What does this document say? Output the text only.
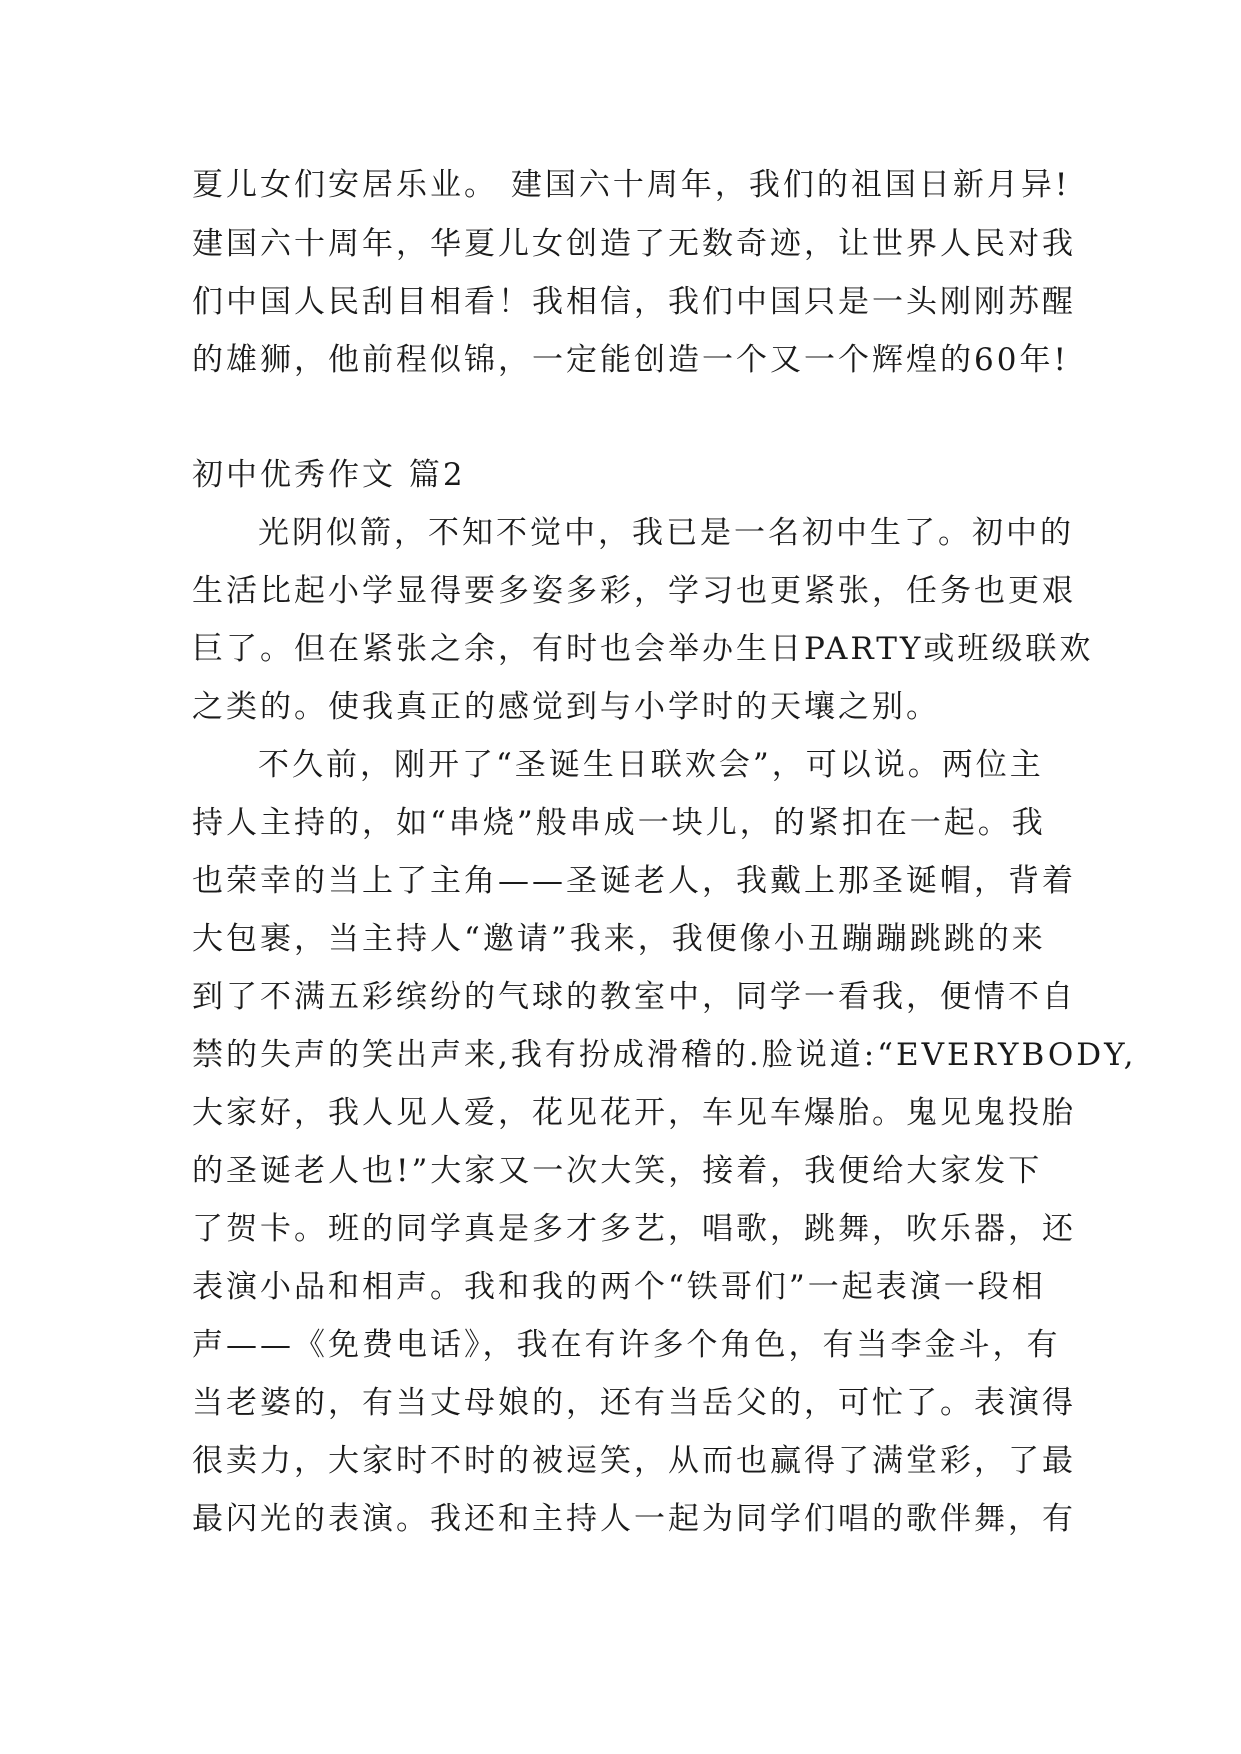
夏儿女们安居乐业。 建国六十周年，我们的祖国日新月异!
建国六十周年，华夏儿女创造了无数奇迹，让世界人民对我
们中国人民刮目相看！我相信，我们中国只是一头刚刚苏醒
的雄狮，他前程似锦，一定能创造一个又一个辉煌的60年!
初中优秀作文 篇2
光阴似箭，不知不觉中，我已是一名初中生了。初中的
生活比起小学显得要多姿多彩，学习也更紧张，任务也更艰
巨了。但在紧张之余，有时也会举办生日PARTY或班级联欢
之类的。使我真正的感觉到与小学时的天壤之别。
不久前，刚开了“圣诞生日联欢会”，可以说。两位主
持人主持的，如“串烧”般串成一块儿，的紧扣在一起。我
也荣幸的当上了主角——圣诞老人，我戴上那圣诞帽，背着
大包裹，当主持人“邀请”我来，我便像小丑蹦蹦跳跳的来
到了不满五彩缤纷的气球的教室中，同学一看我，便情不自
禁的失声的笑出声来,我有扮成滑稽的.脸说道:“EVERYBODY,
大家好，我人见人爱，花见花开，车见车爆胎。鬼见鬼投胎
的圣诞老人也!”大家又一次大笑，接着，我便给大家发下
了贺卡。班的同学真是多才多艺，唱歌，跳舞，吹乐器，还
表演小品和相声。我和我的两个“铁哥们”一起表演一段相
声——《免费电话》，我在有许多个角色，有当李金斗，有
当老婆的，有当丈母娘的，还有当岳父的，可忙了。表演得
很卖力，大家时不时的被逗笑，从而也赢得了满堂彩，了最
最闪光的表演。我还和主持人一起为同学们唱的歌伴舞，有
